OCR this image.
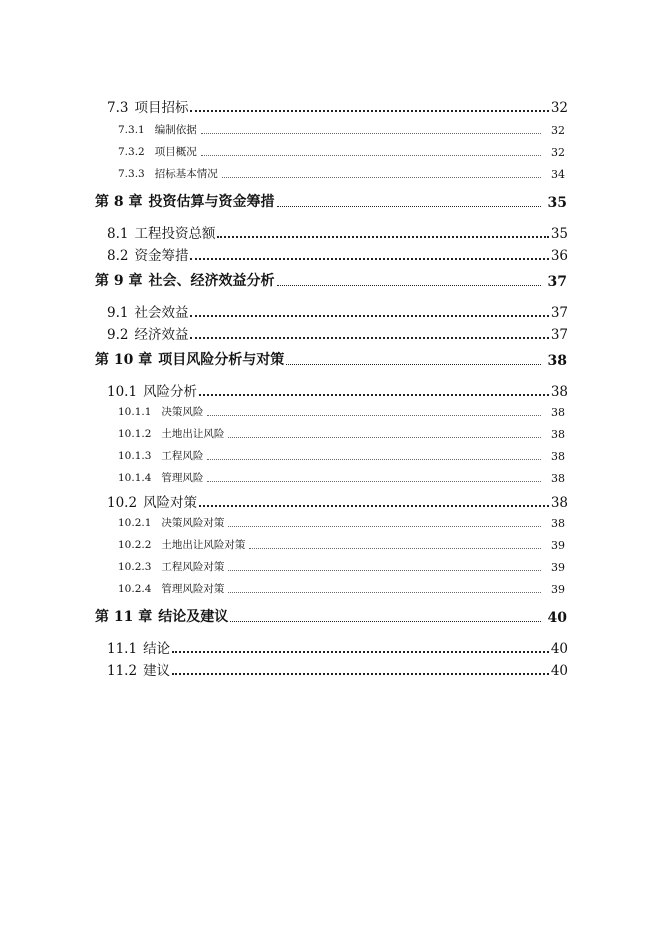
7.3 项目招标	32
7.3.1 编制依据	32
7.3.2 项目概况	32
7.3.3 招标基本情况	34
第 8 章 投资估算与资金筹措	35
8.1 工程投资总额	35
8.2 资金筹措	36
第 9 章 社会、经济效益分析	37
9.1 社会效益	37
9.2 经济效益	37
第 10 章 项目风险分析与对策	38
10.1 风险分析	38
10.1.1 决策风险	38
10.1.2 土地出让风险	38
10.1.3 工程风险	38
10.1.4 管理风险	38
10.2 风险对策	38
10.2.1 决策风险对策	38
10.2.2 土地出让风险对策	39
10.2.3 工程风险对策	39
10.2.4 管理风险对策	39
第 11 章 结论及建议	40
11.1 结论	40
11.2 建议	40
